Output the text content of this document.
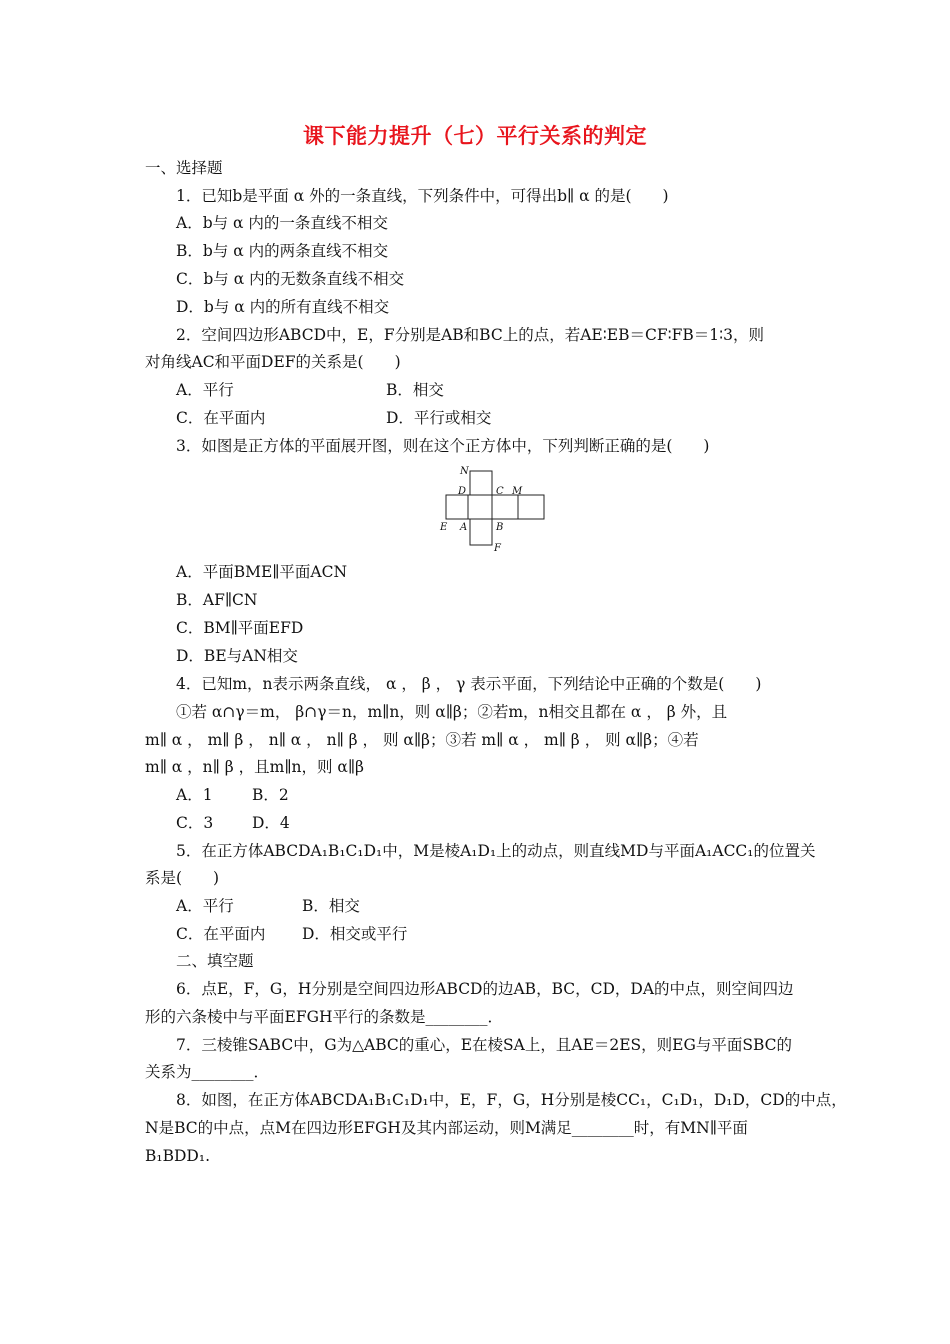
课下能力提升（七）平行关系的判定
一、选择题
1．已知b是平面 α 外的一条直线，下列条件中，可得出b∥ α 的是(　　)
A．b与 α 内的一条直线不相交
B．b与 α 内的两条直线不相交
C．b与 α 内的无数条直线不相交
D．b与 α 内的所有直线不相交
2．空间四边形ABCD中，E，F分别是AB和BC上的点，若AE∶EB＝CF∶FB＝1∶3，则
对角线AC和平面DEF的关系是(　　)
A．平行	B．相交
C．在平面内	D．平行或相交
3．如图是正方体的平面展开图，则在这个正方体中，下列判断正确的是(　　)
N
D	C M
E A	B
F
A．平面BME∥平面ACN
B．AF∥CN
C．BM∥平面EFD
D．BE与AN相交
4．已知m，n表示两条直线， α ， β ， γ 表示平面，下列结论中正确的个数是(　　)
①若 α∩γ＝m， β∩γ＝n，m∥n，则 α∥β；②若m，n相交且都在 α ， β 外，且
m∥ α ， m∥ β ， n∥ α ， n∥ β ， 则 α∥β；③若 m∥ α ， m∥ β ， 则 α∥β；④若
m∥ α ，n∥ β ，且m∥n，则 α∥β
A．1	B．2
C．3	D．4
5．在正方体ABCDA₁B₁C₁D₁中，M是棱A₁D₁上的动点，则直线MD与平面A₁ACC₁的位置关
系是(　　)
A．平行	B．相交
C．在平面内 D．相交或平行
二、填空题
6．点E，F，G，H分别是空间四边形ABCD的边AB，BC，CD，DA的中点，则空间四边
形的六条棱中与平面EFGH平行的条数是________．
7．三棱锥SABC中，G为△ABC的重心，E在棱SA上，且AE＝2ES，则EG与平面SBC的
关系为________．
8．如图，在正方体ABCDA₁B₁C₁D₁中，E，F，G，H分别是棱CC₁，C₁D₁，D₁D，CD的中点，
N是BC的中点，点M在四边形EFGH及其内部运动，则M满足________时，有MN∥平面
B₁BDD₁.
